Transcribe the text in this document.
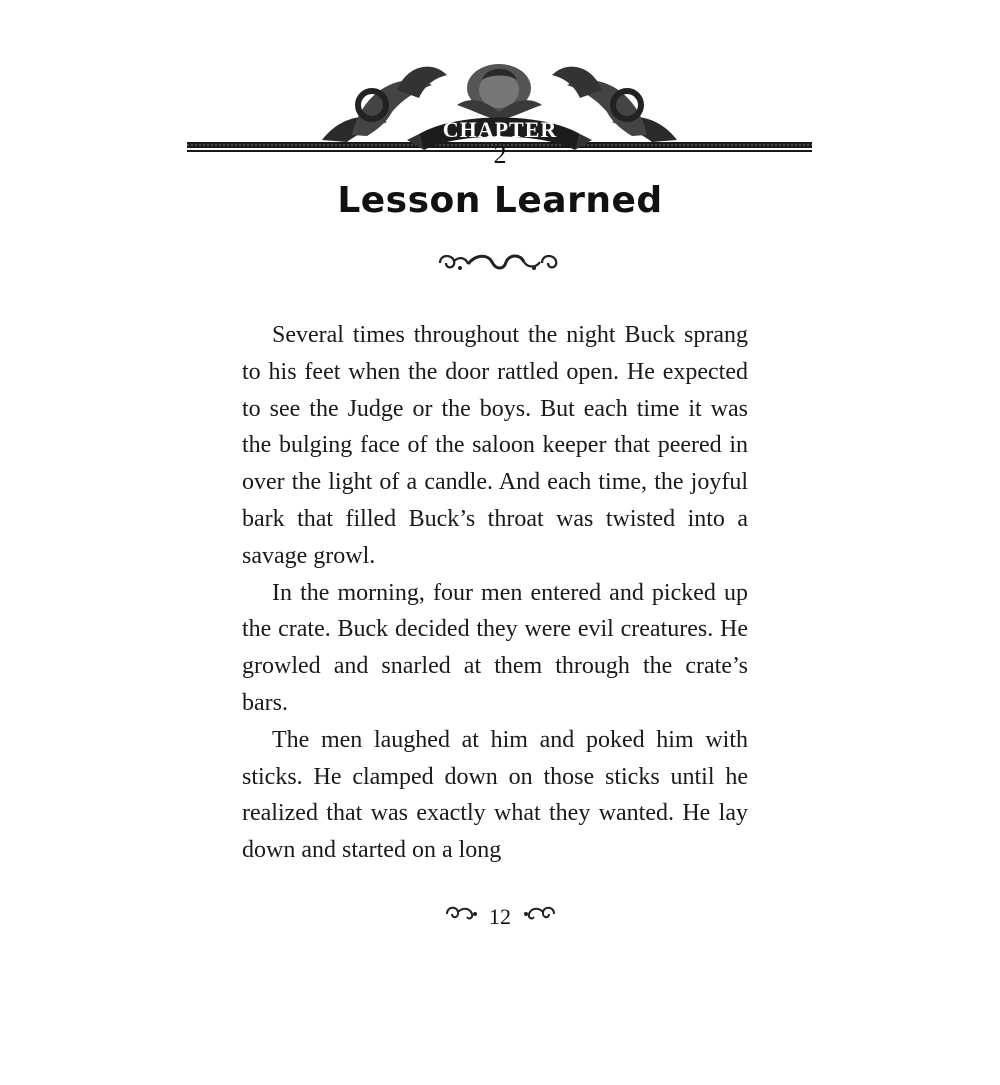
CHAPTER
2
Lesson Learned

Several times throughout the night Buck sprang to his feet when the door rattled open. He expected to see the Judge or the boys. But each time it was the bulging face of the saloon keeper that peered in over the light of a candle. And each time, the joyful bark that filled Buck’s throat was twisted into a savage growl.

In the morning, four men entered and picked up the crate. Buck decided they were evil creatures. He growled and snarled at them through the crate’s bars.

The men laughed at him and poked him with sticks. He clamped down on those sticks until he realized that was exactly what they wanted. He lay down and started on a long

12
